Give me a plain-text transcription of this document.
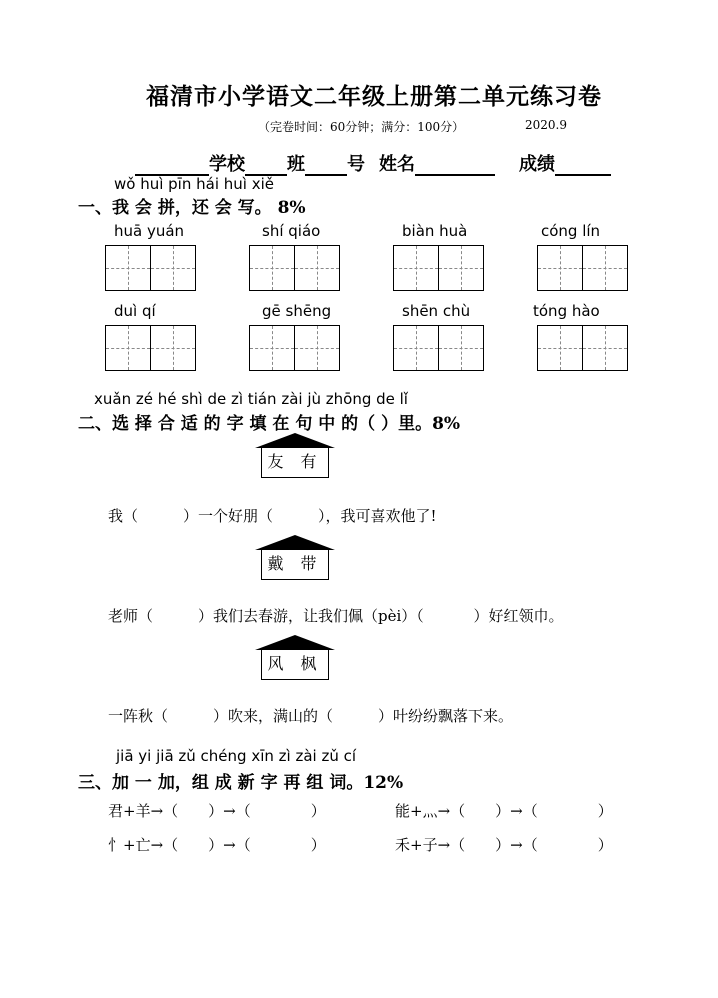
福清市小学语文二年级上册第二单元练习卷
（完卷时间：60分钟；满分：100分）	2020.9
学校 班 号 姓名	成绩
wǒ huì pīn hái huì xiě
一、我 会 拼，还 会 写。 8%
huā yuán	shí qiáo	biàn huà	cóng lín
duì qí	gē shēng	shēn chù	tóng hào
xuǎn zé hé shì de zì tián zài jù zhōng de lǐ
二、选 择 合 适 的 字 填 在 句 中 的（ ）里。8%
友 有
我（　　　）一个好朋（　　　），我可喜欢他了!
戴 带
老师（　　　）我们去春游，让我们佩（pèi）（　　　 ）好红领巾。
风 枫
一阵秋（　　　）吹来，满山的（　　　）叶纷纷飘落下来。
jiā yi jiā zǔ chéng xīn zì zài zǔ cí
三、加 一 加，组 成 新 字 再 组 词。12%
君+羊→（　　）→（　　　　）	能+灬→（　　）→（　　　　）
忄+亡→（　　）→（　　　　）	禾+子→（　　）→（　　　　）
